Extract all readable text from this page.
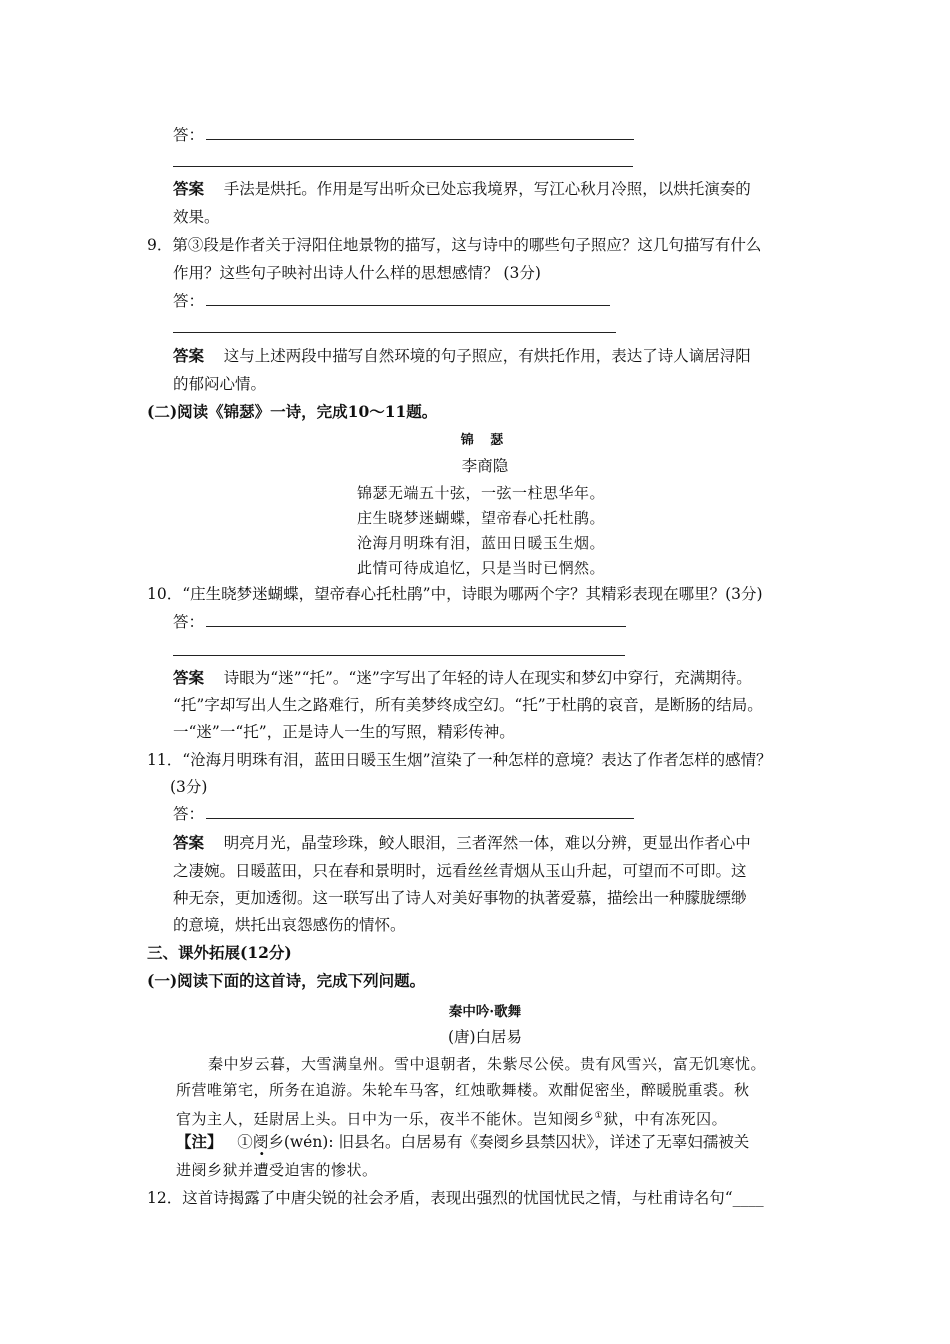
答：
答案 手法是烘托。作用是写出听众已处忘我境界，写江心秋月冷照，以烘托演奏的
效果。
9．第③段是作者关于浔阳住地景物的描写，这与诗中的哪些句子照应？这几句描写有什么
作用？这些句子映衬出诗人什么样的思想感情？ (3分)
答：
答案 这与上述两段中描写自然环境的句子照应，有烘托作用，表达了诗人谪居浔阳
的郁闷心情。
(二)阅读《锦瑟》一诗，完成10～11题。
锦 瑟
李商隐
锦瑟无端五十弦，一弦一柱思华年。
庄生晓梦迷蝴蝶，望帝春心托杜鹃。
沧海月明珠有泪，蓝田日暖玉生烟。
此情可待成追忆，只是当时已惘然。
10．“庄生晓梦迷蝴蝶，望帝春心托杜鹃”中，诗眼为哪两个字？其精彩表现在哪里？(3分)
答：
答案 诗眼为“迷”“托”。“迷”字写出了年轻的诗人在现实和梦幻中穿行，充满期待。
“托”字却写出人生之路难行，所有美梦终成空幻。“托”于杜鹃的哀音，是断肠的结局。
一“迷”一“托”，正是诗人一生的写照，精彩传神。
11．“沧海月明珠有泪，蓝田日暖玉生烟”渲染了一种怎样的意境？表达了作者怎样的感情？
(3分)
答：
答案 明亮月光，晶莹珍珠，鲛人眼泪，三者浑然一体，难以分辨，更显出作者心中
之凄婉。日暖蓝田，只在春和景明时，远看丝丝青烟从玉山升起，可望而不可即。这
种无奈，更加透彻。这一联写出了诗人对美好事物的执著爱慕，描绘出一种朦胧缥缈
的意境，烘托出哀怨感伤的情怀。
三、课外拓展(12分)
(一)阅读下面的这首诗，完成下列问题。
秦中吟·歌舞
(唐)白居易
秦中岁云暮，大雪满皇州。雪中退朝者，朱紫尽公侯。贵有风雪兴，富无饥寒忧。
所营唯第宅，所务在追游。朱轮车马客，红烛歌舞楼。欢酣促密坐，醉暖脱重裘。秋
官为主人，廷尉居上头。日中为一乐，夜半不能休。岂知阌乡①狱，中有冻死囚。
【注】 ①阌乡(wén): 旧县名。白居易有《奏阌乡县禁囚状》，详述了无辜妇孺被关
进阌乡狱并遭受迫害的惨状。
12．这首诗揭露了中唐尖锐的社会矛盾，表现出强烈的忧国忧民之情，与杜甫诗名句“____
